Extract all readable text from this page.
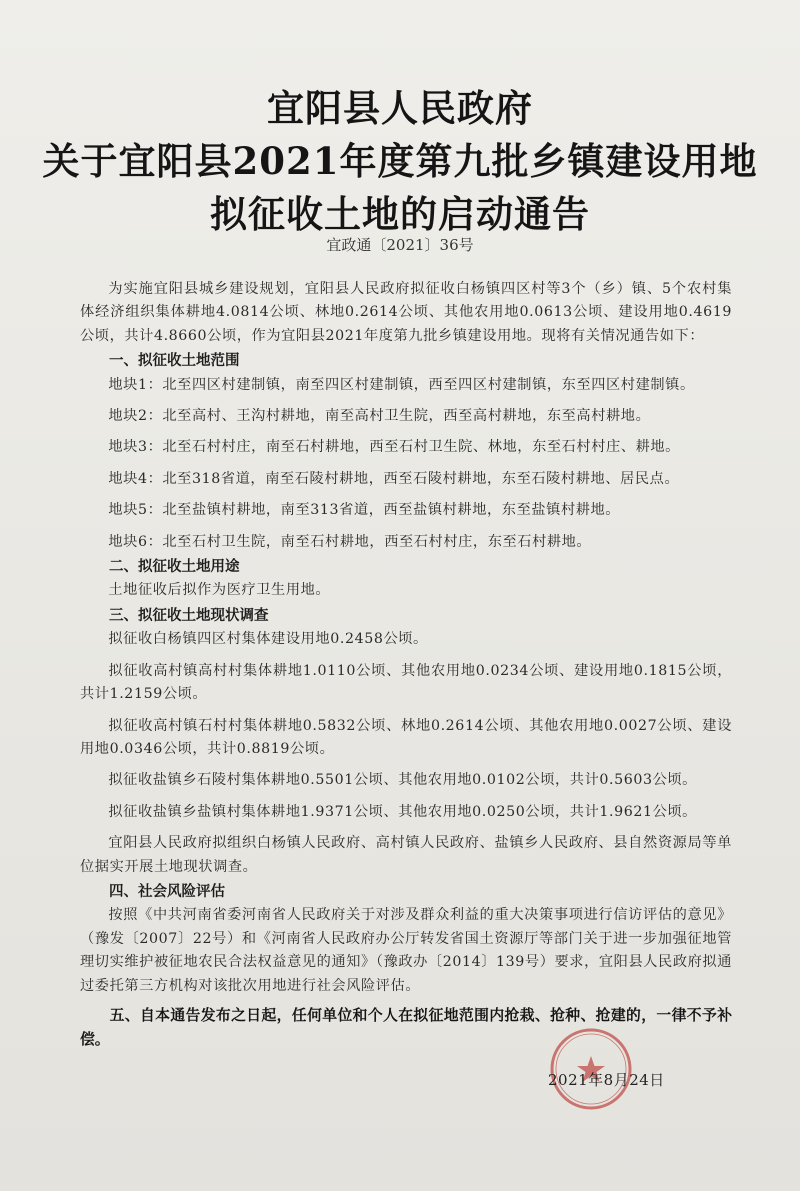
宜阳县人民政府
关于宜阳县2021年度第九批乡镇建设用地
拟征收土地的启动通告
宜政通〔2021〕36号

为实施宜阳县城乡建设规划，宜阳县人民政府拟征收白杨镇四区村等3个（乡）镇、5个农村集体经济组织集体耕地4.0814公顷、林地0.2614公顷、其他农用地0.0613公顷、建设用地0.4619公顷，共计4.8660公顷，作为宜阳县2021年度第九批乡镇建设用地。现将有关情况通告如下：

一、拟征收土地范围

地块1：北至四区村建制镇，南至四区村建制镇，西至四区村建制镇，东至四区村建制镇。

地块2：北至高村、王沟村耕地，南至高村卫生院，西至高村耕地，东至高村耕地。

地块3：北至石村村庄，南至石村耕地，西至石村卫生院、林地，东至石村村庄、耕地。

地块4：北至318省道，南至石陵村耕地，西至石陵村耕地，东至石陵村耕地、居民点。

地块5：北至盐镇村耕地，南至313省道，西至盐镇村耕地，东至盐镇村耕地。

地块6：北至石村卫生院，南至石村耕地，西至石村村庄，东至石村耕地。

二、拟征收土地用途

土地征收后拟作为医疗卫生用地。

三、拟征收土地现状调查

拟征收白杨镇四区村集体建设用地0.2458公顷。

拟征收高村镇高村村集体耕地1.0110公顷、其他农用地0.0234公顷、建设用地0.1815公顷，共计1.2159公顷。

拟征收高村镇石村村集体耕地0.5832公顷、林地0.2614公顷、其他农用地0.0027公顷、建设用地0.0346公顷，共计0.8819公顷。

拟征收盐镇乡石陵村集体耕地0.5501公顷、其他农用地0.0102公顷，共计0.5603公顷。

拟征收盐镇乡盐镇村集体耕地1.9371公顷、其他农用地0.0250公顷，共计1.9621公顷。

宜阳县人民政府拟组织白杨镇人民政府、高村镇人民政府、盐镇乡人民政府、县自然资源局等单位据实开展土地现状调查。

四、社会风险评估

按照《中共河南省委河南省人民政府关于对涉及群众利益的重大决策事项进行信访评估的意见》（豫发〔2007〕22号）和《河南省人民政府办公厅转发省国土资源厅等部门关于进一步加强征地管理切实维护被征地农民合法权益意见的通知》（豫政办〔2014〕139号）要求，宜阳县人民政府拟通过委托第三方机构对该批次用地进行社会风险评估。

五、自本通告发布之日起，任何单位和个人在拟征地范围内抢栽、抢种、抢建的，一律不予补偿。

2021年8月24日
